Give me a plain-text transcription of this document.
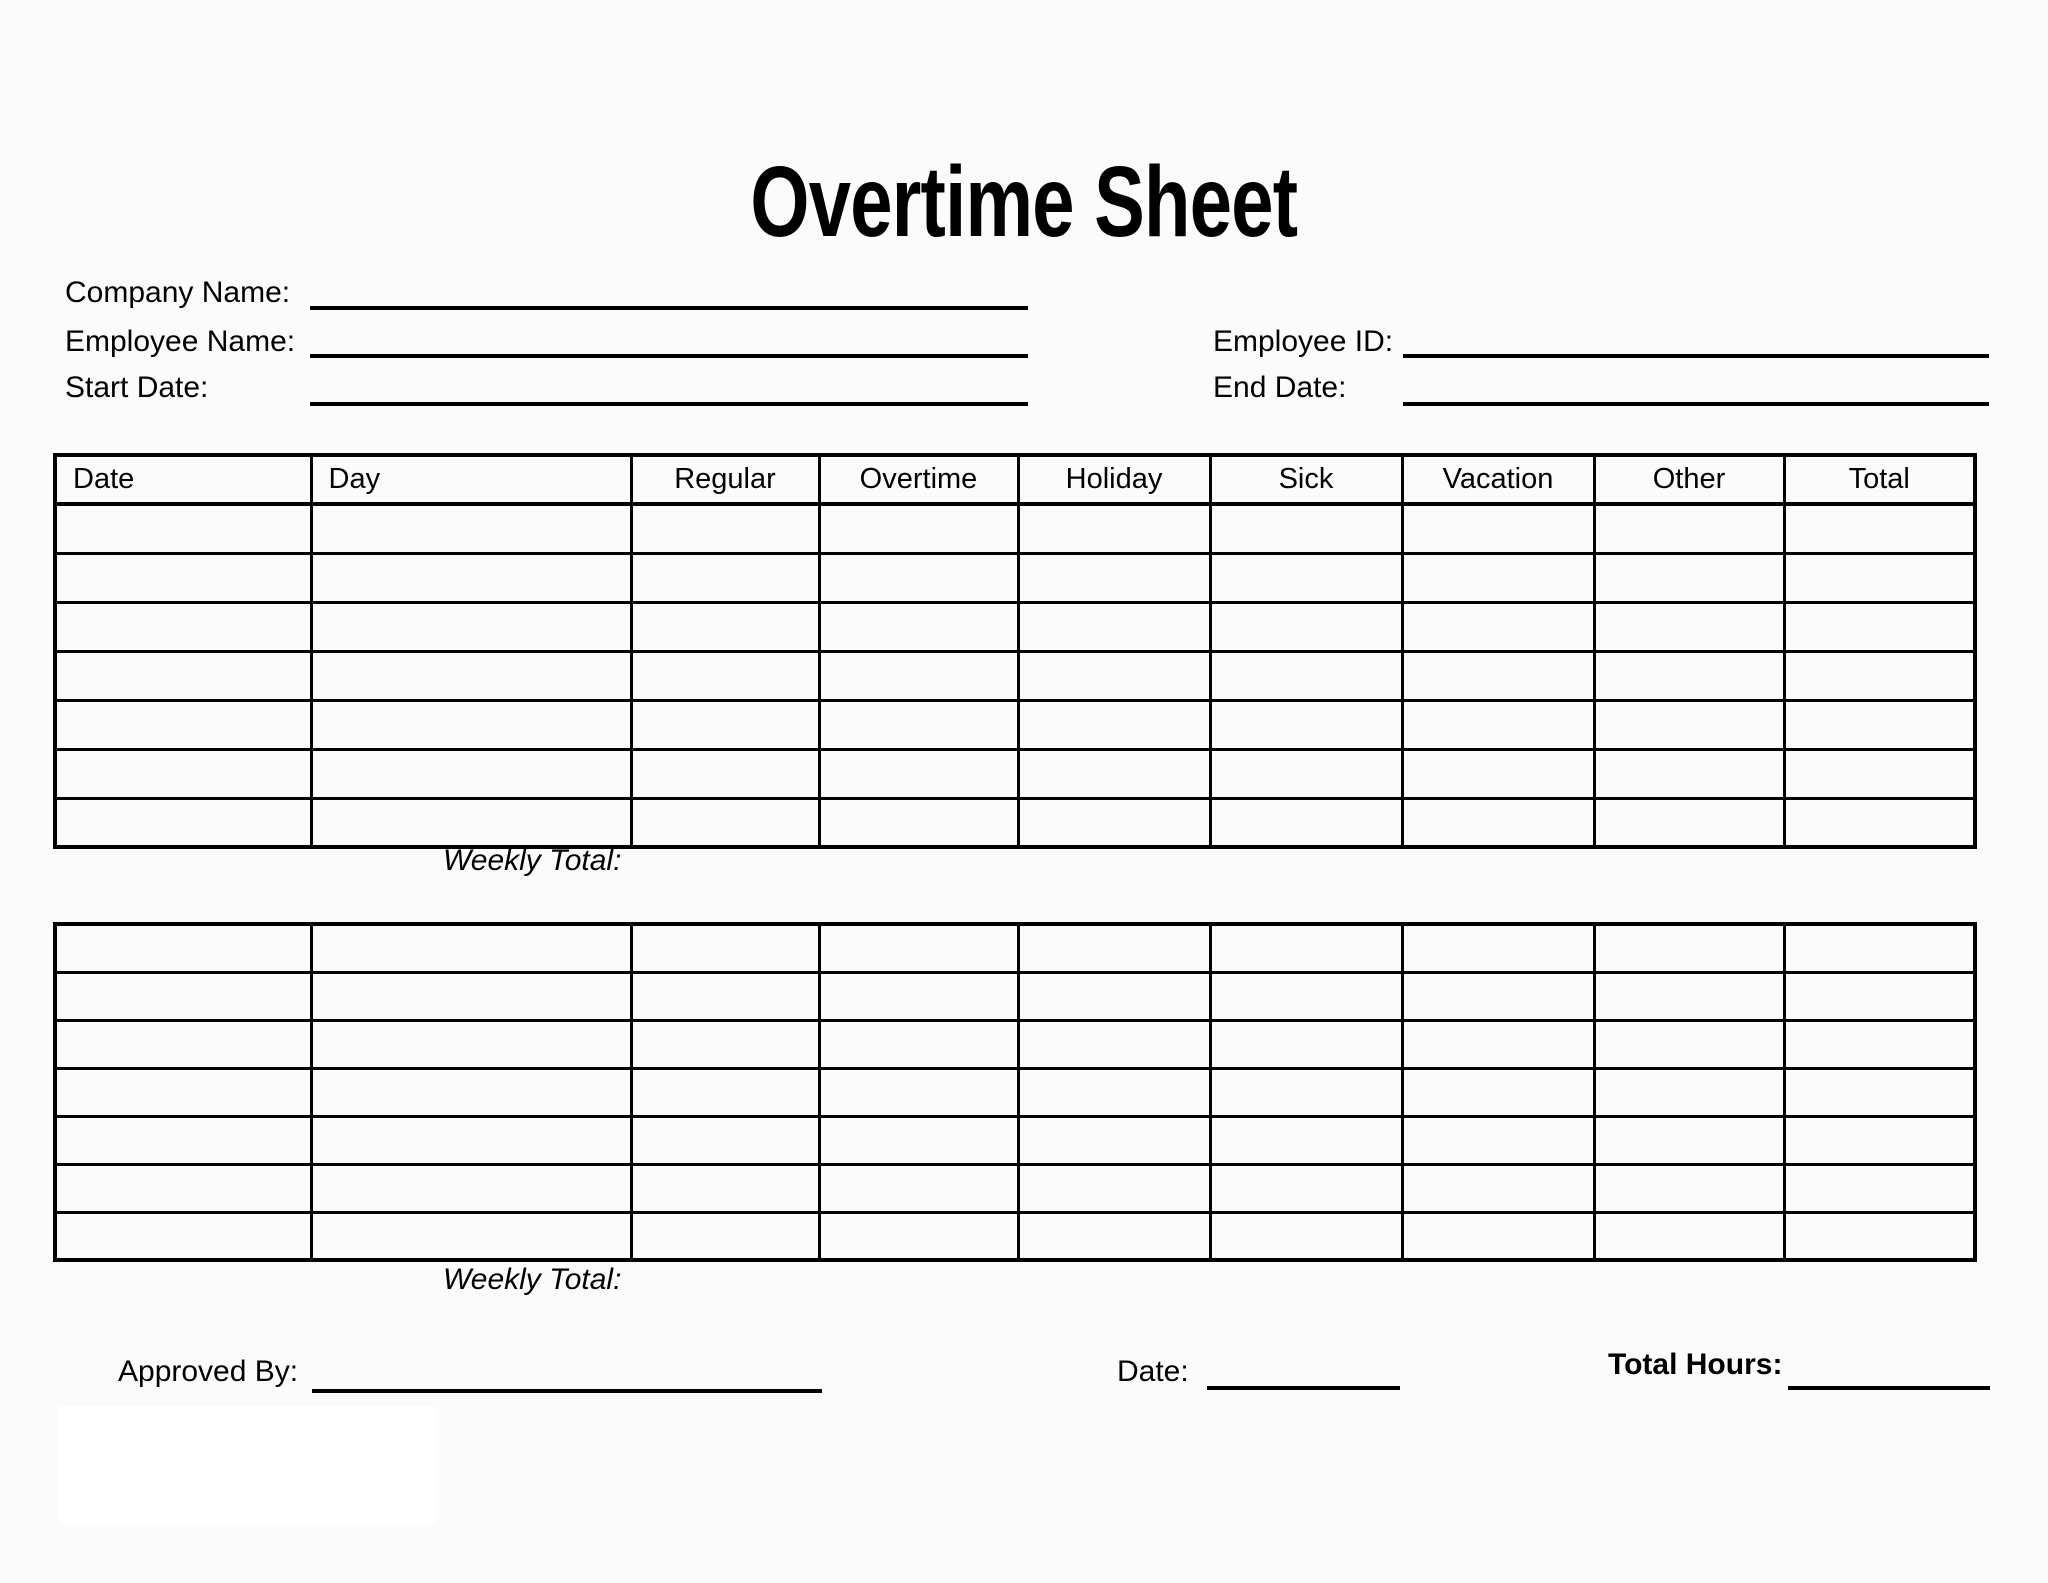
Overtime Sheet
Company Name:
Employee Name:
Start Date:
Employee ID:
End Date:
Date	Day	Regular	Overtime	Holiday	Sick	Vacation	Other	Total

Weekly Total:

Weekly Total:
Approved By:	Date:	Total Hours:
